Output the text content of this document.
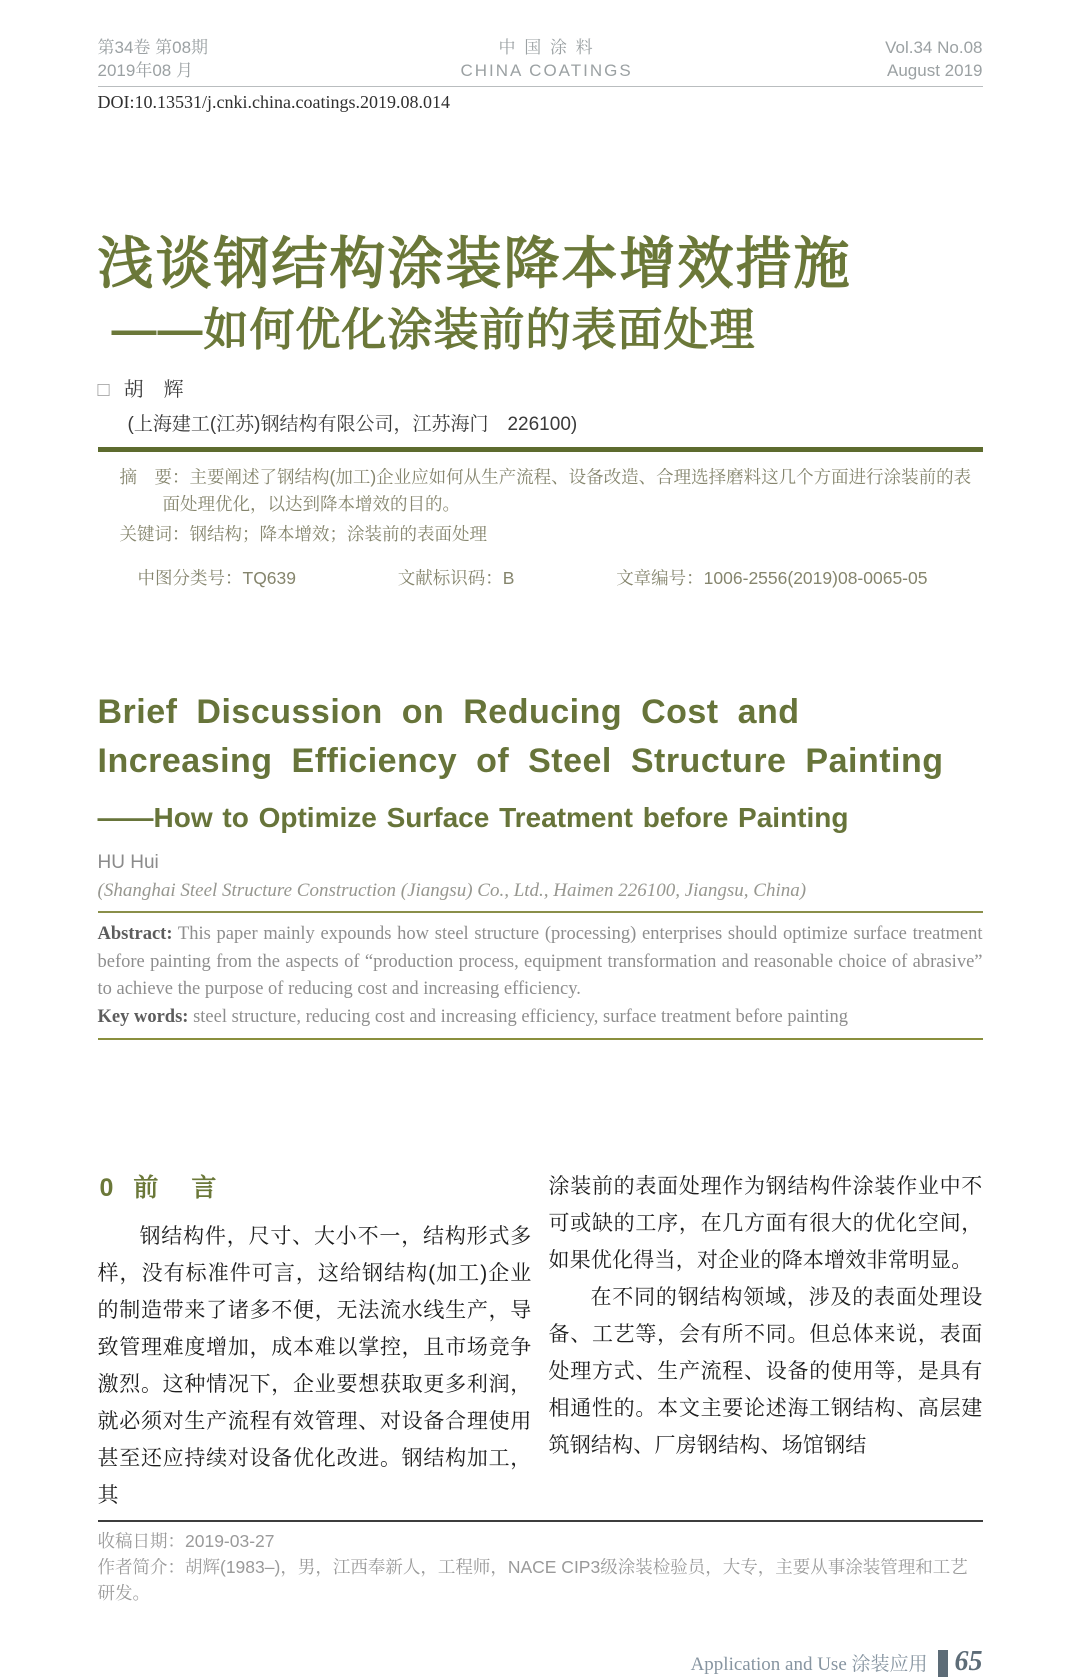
第34卷 第08期
2019年08 月
中 国 涂 料
CHINA COATINGS
Vol.34 No.08
August 2019
DOI:10.13531/j.cnki.china.coatings.2019.08.014
浅谈钢结构涂装降本增效措施
——如何优化涂装前的表面处理
□ 胡　辉
(上海建工(江苏)钢结构有限公司，江苏海门　226100)
摘　要：主要阐述了钢结构(加工)企业应如何从生产流程、设备改造、合理选择磨料这几个方面进行涂装前的表面处理优化，以达到降本增效的目的。
关键词：钢结构；降本增效；涂装前的表面处理
中图分类号：TQ639	文献标识码：B	文章编号：1006-2556(2019)08-0065-05
Brief Discussion on Reducing Cost and Increasing Efficiency of Steel Structure Painting
——How to Optimize Surface Treatment before Painting
HU Hui
(Shanghai Steel Structure Construction (Jiangsu) Co., Ltd., Haimen 226100, Jiangsu, China)
Abstract: This paper mainly expounds how steel structure (processing) enterprises should optimize surface treatment before painting from the aspects of “production process, equipment transformation and reasonable choice of abrasive” to achieve the purpose of reducing cost and increasing efficiency.
Key words: steel structure, reducing cost and increasing efficiency, surface treatment before painting
0 前　言
钢结构件，尺寸、大小不一，结构形式多样，没有标准件可言，这给钢结构(加工)企业的制造带来了诸多不便，无法流水线生产，导致管理难度增加，成本难以掌控，且市场竞争激烈。这种情况下，企业要想获取更多利润，就必须对生产流程有效管理、对设备合理使用甚至还应持续对设备优化改进。钢结构加工，其
涂装前的表面处理作为钢结构件涂装作业中不可或缺的工序，在几方面有很大的优化空间，如果优化得当，对企业的降本增效非常明显。
在不同的钢结构领域，涉及的表面处理设备、工艺等，会有所不同。但总体来说，表面处理方式、生产流程、设备的使用等，是具有相通性的。本文主要论述海工钢结构、高层建筑钢结构、厂房钢结构、场馆钢结
收稿日期：2019-03-27
作者简介：胡辉(1983–)，男，江西奉新人，工程师，NACE CIP3级涂装检验员，大专，主要从事涂装管理和工艺研发。
Application and Use 涂装应用 65
